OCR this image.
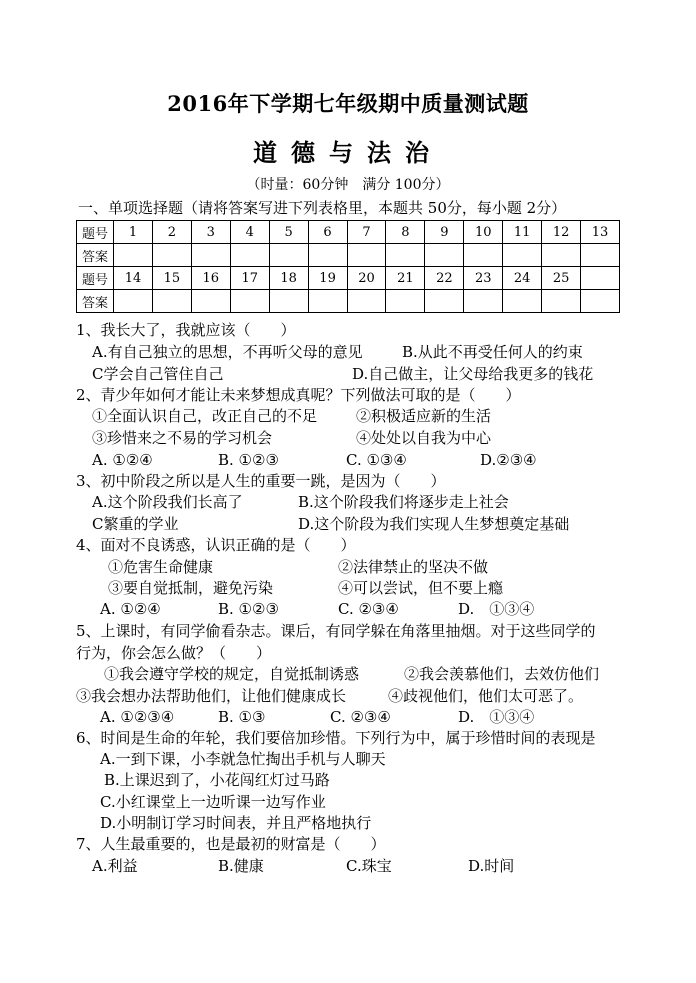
2016年下学期七年级期中质量测试题
道德与法治
（时量：60分钟　满分 100分）
一、单项选择题（请将答案写进下列表格里，本题共 50分，每小题 2分）
题号	1	2	3	4	5	6	7	8	9	10	11	12	13
答案													
题号	14	15	16	17	18	19	20	21	22	23	24	25	
答案													
1、我长大了，我就应该（　　）
A.有自己独立的思想，不再听父母的意见	B.从此不再受任何人的约束
C学会自己管住自己	D.自己做主，让父母给我更多的钱花
2、青少年如何才能让未来梦想成真呢？下列做法可取的是（　　）
①全面认识自己，改正自己的不足	②积极适应新的生活
③珍惜来之不易的学习机会	④处处以自我为中心
A. ①②④	B. ①②③	C. ①③④	D.②③④
3、初中阶段之所以是人生的重要一跳，是因为（　　）
A.这个阶段我们长高了	B.这个阶段我们将逐步走上社会
C繁重的学业	D.这个阶段为我们实现人生梦想奠定基础
4、面对不良诱惑，认识正确的是（　　）
①危害生命健康	②法律禁止的坚决不做
③要自觉抵制，避免污染	④可以尝试，但不要上瘾
A. ①②④	B. ①②③	C. ②③④	D.　①③④
5、上课时，有同学偷看杂志。课后，有同学躲在角落里抽烟。对于这些同学的
行为，你会怎么做？（　　）
①我会遵守学校的规定，自觉抵制诱惑	②我会羡慕他们，去效仿他们
③我会想办法帮助他们，让他们健康成长	④歧视他们，他们太可恶了。
A. ①②③④	B. ①③	C. ②③④	D.　①③④
6、时间是生命的年轮，我们要倍加珍惜。下列行为中，属于珍惜时间的表现是
A.一到下课，小李就急忙掏出手机与人聊天
B.上课迟到了，小花闯红灯过马路
C.小红课堂上一边听课一边写作业
D.小明制订学习时间表，并且严格地执行
7、人生最重要的，也是最初的财富是（　　）
A.利益	B.健康	C.珠宝	D.时间
